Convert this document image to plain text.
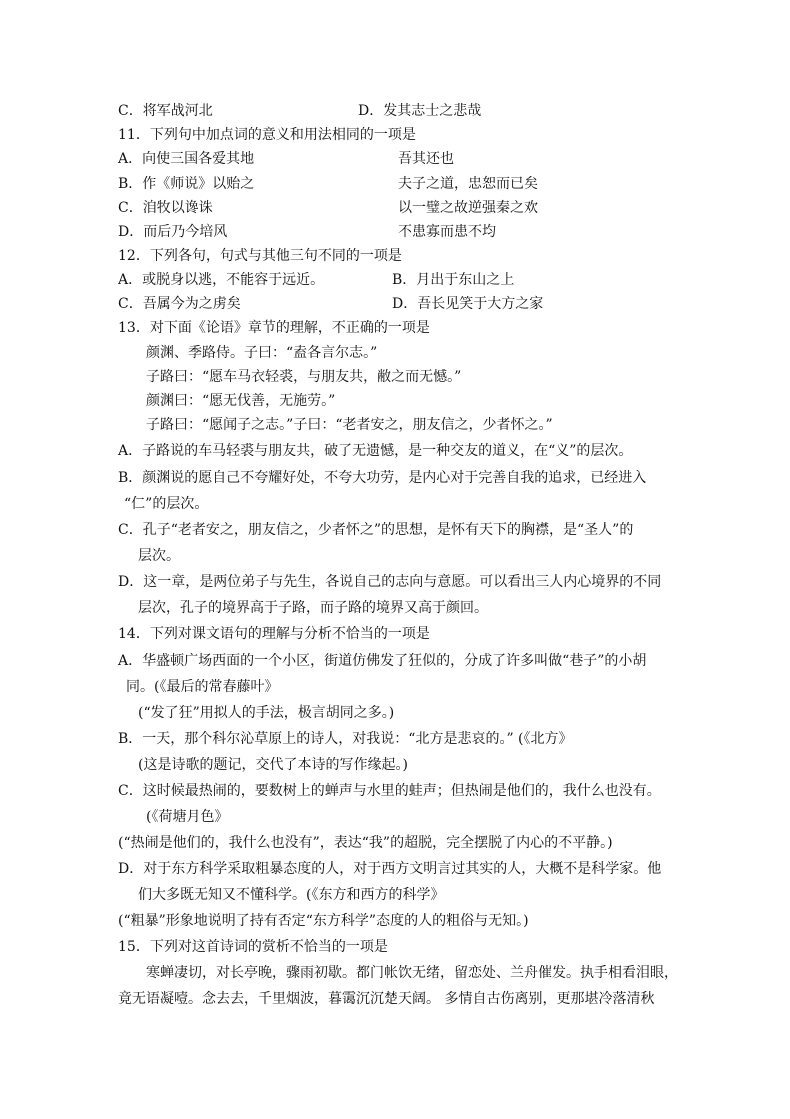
C．将军战河北	D．发其志士之悲哉
11．下列句中加点词的意义和用法相同的一项是
A．向使三国各爱其地	吾其还也
B．作《师说》以贻之	夫子之道，忠恕而已矣
C．洎牧以谗诛	以一璧之故逆强秦之欢
D．而后乃今培风	不患寡而患不均
12．下列各句，句式与其他三句不同的一项是
A．或脱身以逃，不能容于远近。	B．月出于东山之上
C．吾属今为之虏矣	D．吾长见笑于大方之家
13．对下面《论语》章节的理解，不正确的一项是
颜渊、季路侍。子曰：“盍各言尔志。”
子路曰：“愿车马衣轻裘，与朋友共，敝之而无憾。”
颜渊曰：“愿无伐善，无施劳。”
子路曰：“愿闻子之志。”子曰：“老者安之，朋友信之，少者怀之。”
A．子路说的车马轻裘与朋友共，破了无遗憾，是一种交友的道义，在“义”的层次。
B．颜渊说的愿自己不夸耀好处，不夸大功劳，是内心对于完善自我的追求，已经进入
“仁”的层次。
C．孔子“老者安之，朋友信之，少者怀之”的思想，是怀有天下的胸襟，是“圣人”的
层次。
D．这一章，是两位弟子与先生，各说自己的志向与意愿。可以看出三人内心境界的不同
层次，孔子的境界高于子路，而子路的境界又高于颜回。
14．下列对课文语句的理解与分析不恰当的一项是
A．华盛顿广场西面的一个小区，街道仿佛发了狂似的，分成了许多叫做“巷子”的小胡
同。(《最后的常春藤叶》
(“发了狂”用拟人的手法，极言胡同之多。)
B．一天，那个科尔沁草原上的诗人，对我说：“北方是悲哀的。” (《北方》
(这是诗歌的题记，交代了本诗的写作缘起。)
C．这时候最热闹的，要数树上的蝉声与水里的蛙声；但热闹是他们的，我什么也没有。
(《荷塘月色》
(“热闹是他们的，我什么也没有”，表达“我”的超脱，完全摆脱了内心的不平静。)
D．对于东方科学采取粗暴态度的人，对于西方文明言过其实的人，大概不是科学家。他
们大多既无知又不懂科学。(《东方和西方的科学》
(“粗暴”形象地说明了持有否定“东方科学”态度的人的粗俗与无知。)
15．下列对这首诗词的赏析不恰当的一项是
寒蝉凄切，对长亭晚，骤雨初歇。都门帐饮无绪，留恋处、兰舟催发。执手相看泪眼，
竟无语凝噎。念去去，千里烟波，暮霭沉沉楚天阔。 多情自古伤离别，更那堪冷落清秋
